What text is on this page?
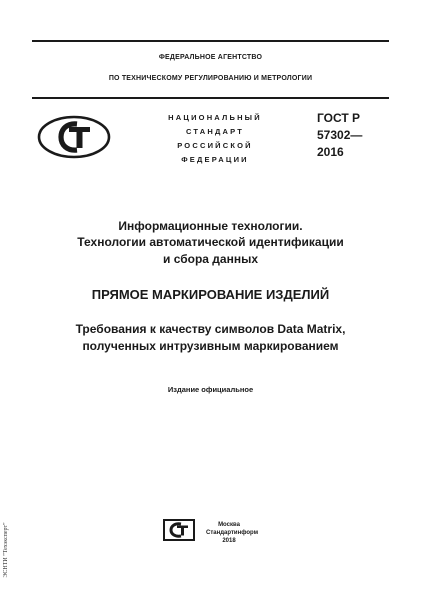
ФЕДЕРАЛЬНОЕ АГЕНТСТВО
ПО ТЕХНИЧЕСКОМУ РЕГУЛИРОВАНИЮ И МЕТРОЛОГИИ
НАЦИОНАЛЬНЫЙ
СТАНДАРТ
РОССИЙСКОЙ
ФЕДЕРАЦИИ
ГОСТ Р
57302—
2016
Информационные технологии.
Технологии автоматической идентификации
и сбора данных
ПРЯМОЕ МАРКИРОВАНИЕ ИЗДЕЛИЙ
Требования к качеству символов Data Matrix,
полученных интрузивным маркированием
Издание официальное
Москва
Стандартинформ
2018
ЭСНТИ "Техэксперт"
